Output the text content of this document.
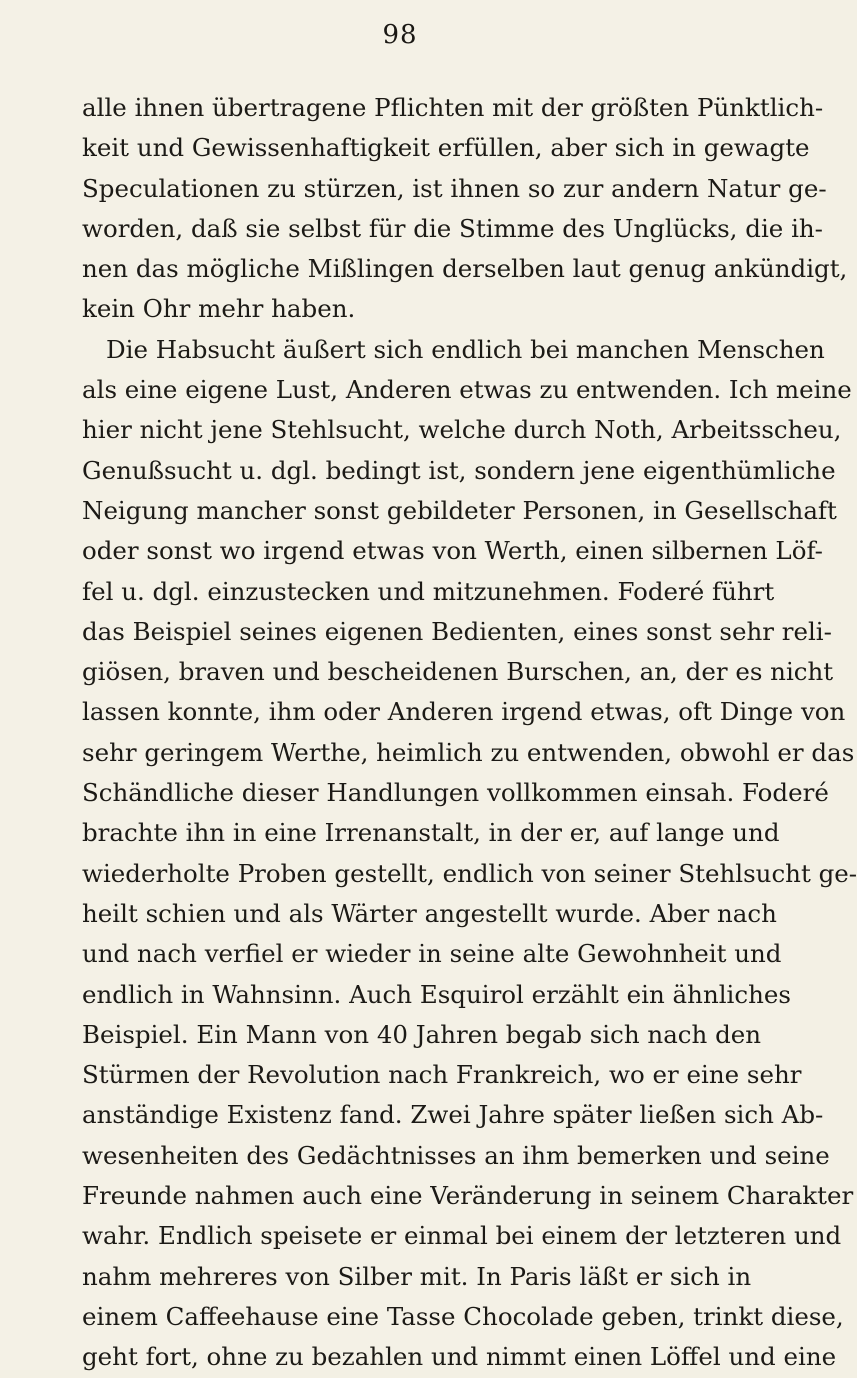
98
alle ihnen übertragene Pflichten mit der größten Pünktlich-
keit und Gewissenhaftigkeit erfüllen, aber sich in gewagte
Speculationen zu stürzen, ist ihnen so zur andern Natur ge-
worden, daß sie selbst für die Stimme des Unglücks, die ih-
nen das mögliche Mißlingen derselben laut genug ankündigt,
kein Ohr mehr haben.
Die Habsucht äußert sich endlich bei manchen Menschen
als eine eigene Lust, Anderen etwas zu entwenden. Ich meine
hier nicht jene Stehlsucht, welche durch Noth, Arbeitsscheu,
Genußsucht u. dgl. bedingt ist, sondern jene eigenthümliche
Neigung mancher sonst gebildeter Personen, in Gesellschaft
oder sonst wo irgend etwas von Werth, einen silbernen Löf-
fel u. dgl. einzustecken und mitzunehmen. Foderé führt
das Beispiel seines eigenen Bedienten, eines sonst sehr reli-
giösen, braven und bescheidenen Burschen, an, der es nicht
lassen konnte, ihm oder Anderen irgend etwas, oft Dinge von
sehr geringem Werthe, heimlich zu entwenden, obwohl er das
Schändliche dieser Handlungen vollkommen einsah. Foderé
brachte ihn in eine Irrenanstalt, in der er, auf lange und
wiederholte Proben gestellt, endlich von seiner Stehlsucht ge-
heilt schien und als Wärter angestellt wurde. Aber nach
und nach verfiel er wieder in seine alte Gewohnheit und
endlich in Wahnsinn. Auch Esquirol erzählt ein ähnliches
Beispiel. Ein Mann von 40 Jahren begab sich nach den
Stürmen der Revolution nach Frankreich, wo er eine sehr
anständige Existenz fand. Zwei Jahre später ließen sich Ab-
wesenheiten des Gedächtnisses an ihm bemerken und seine
Freunde nahmen auch eine Veränderung in seinem Charakter
wahr. Endlich speisete er einmal bei einem der letzteren und
nahm mehreres von Silber mit. In Paris läßt er sich in
einem Caffeehause eine Tasse Chocolade geben, trinkt diese,
geht fort, ohne zu bezahlen und nimmt einen Löffel und eine
